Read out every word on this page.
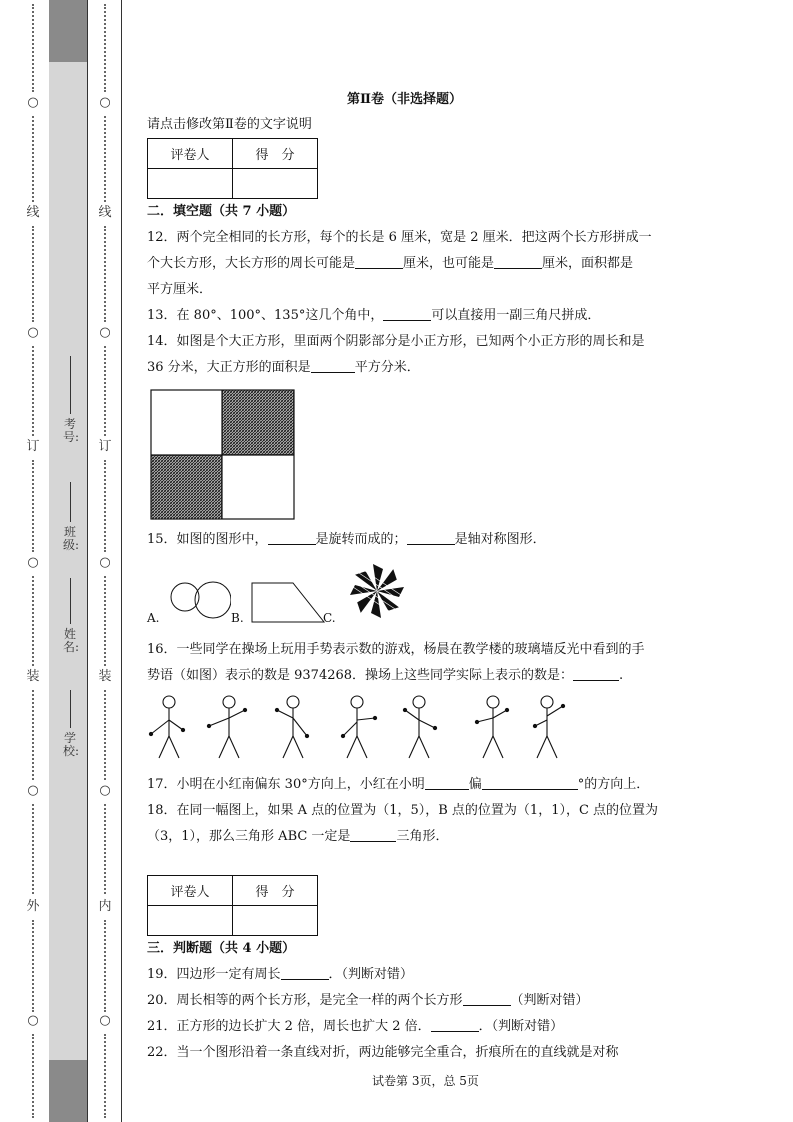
○
线
○
订
○
装
○
外
○
考号:
班级:
姓名:
学校:
○
线
○
订
○
装
○
内
○
第Ⅱ卷（非选择题）
请点击修改第Ⅱ卷的文字说明
评卷人	得　分

二．填空题（共 7 小题）
12．两个完全相同的长方形，每个的长是 6 厘米，宽是 2 厘米．把这两个长方形拼成一
个大长方形，大长方形的周长可能是	厘米，也可能是	厘米，面积都是
平方厘米．
13．在 80°、100°、135°这几个角中，	可以直接用一副三角尺拼成．
14．如图是个大正方形，里面两个阴影部分是小正方形，已知两个小正方形的周长和是
36 分米，大正方形的面积是	平方分米．
15．如图的图形中，	是旋转而成的；	是轴对称图形．
A.	B.	C.
16．一些同学在操场上玩用手势表示数的游戏，杨晨在教学楼的玻璃墙反光中看到的手
势语（如图）表示的数是 9374268．操场上这些同学实际上表示的数是：	.
17．小明在小红南偏东 30°方向上，小红在小明	偏	°的方向上．
18．在同一幅图上，如果 A 点的位置为（1，5），B 点的位置为（1，1），C 点的位置为
（3，1），那么三角形 ABC 一定是	三角形．
评卷人	得　分

三．判断题（共 4 小题）
19．四边形一定有周长	．（判断对错）
20．周长相等的两个长方形，是完全一样的两个长方形	（判断对错）
21．正方形的边长扩大 2 倍，周长也扩大 2 倍．	．（判断对错）
22．当一个图形沿着一条直线对折，两边能够完全重合，折痕所在的直线就是对称
试卷第 3页，总 5页
